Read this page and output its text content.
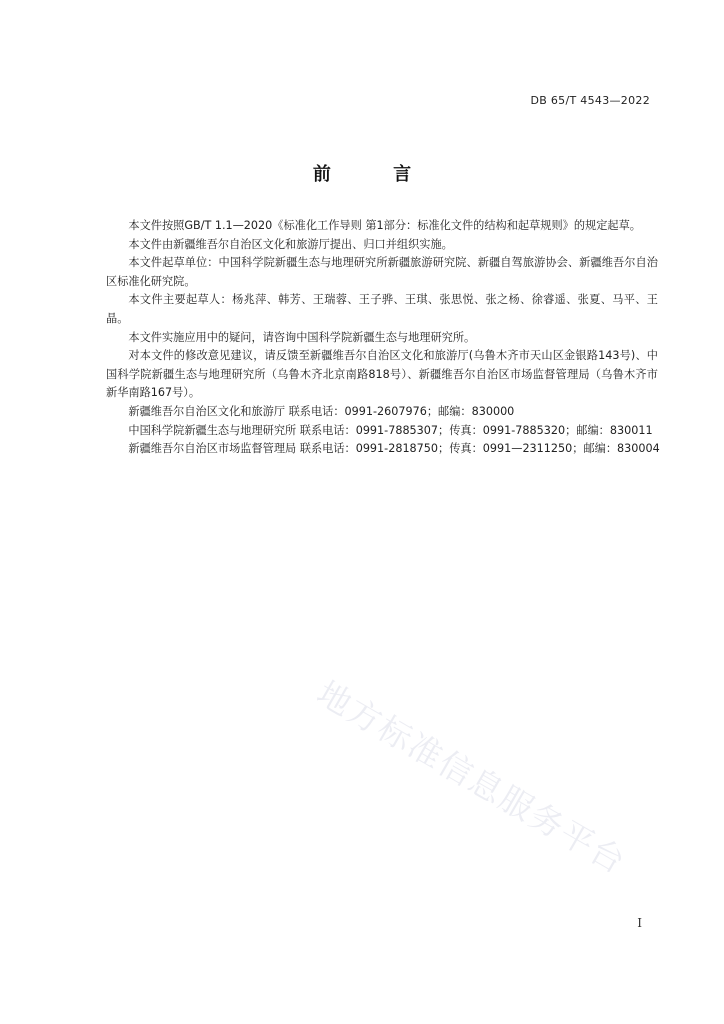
DB 65/T 4543—2022
前 言

本文件按照GB/T 1.1—2020《标准化工作导则 第1部分：标准化文件的结构和起草规则》的规定起草。

本文件由新疆维吾尔自治区文化和旅游厅提出、归口并组织实施。

本文件起草单位：中国科学院新疆生态与地理研究所新疆旅游研究院、新疆自驾旅游协会、新疆维吾尔自治区标准化研究院。

本文件主要起草人：杨兆萍、韩芳、王瑞蓉、王子骅、王琪、张思悦、张之杨、徐睿遥、张夏、马平、王晶。

本文件实施应用中的疑问，请咨询中国科学院新疆生态与地理研究所。

对本文件的修改意见建议，请反馈至新疆维吾尔自治区文化和旅游厅(乌鲁木齐市天山区金银路143号)、中国科学院新疆生态与地理研究所（乌鲁木齐北京南路818号）、新疆维吾尔自治区市场监督管理局（乌鲁木齐市新华南路167号）。

新疆维吾尔自治区文化和旅游厅 联系电话：0991-2607976；邮编：830000

中国科学院新疆生态与地理研究所 联系电话：0991-7885307；传真：0991-7885320；邮编：830011

新疆维吾尔自治区市场监督管理局 联系电话：0991-2818750；传真：0991—2311250；邮编：830004

地方标准信息服务平台
I
